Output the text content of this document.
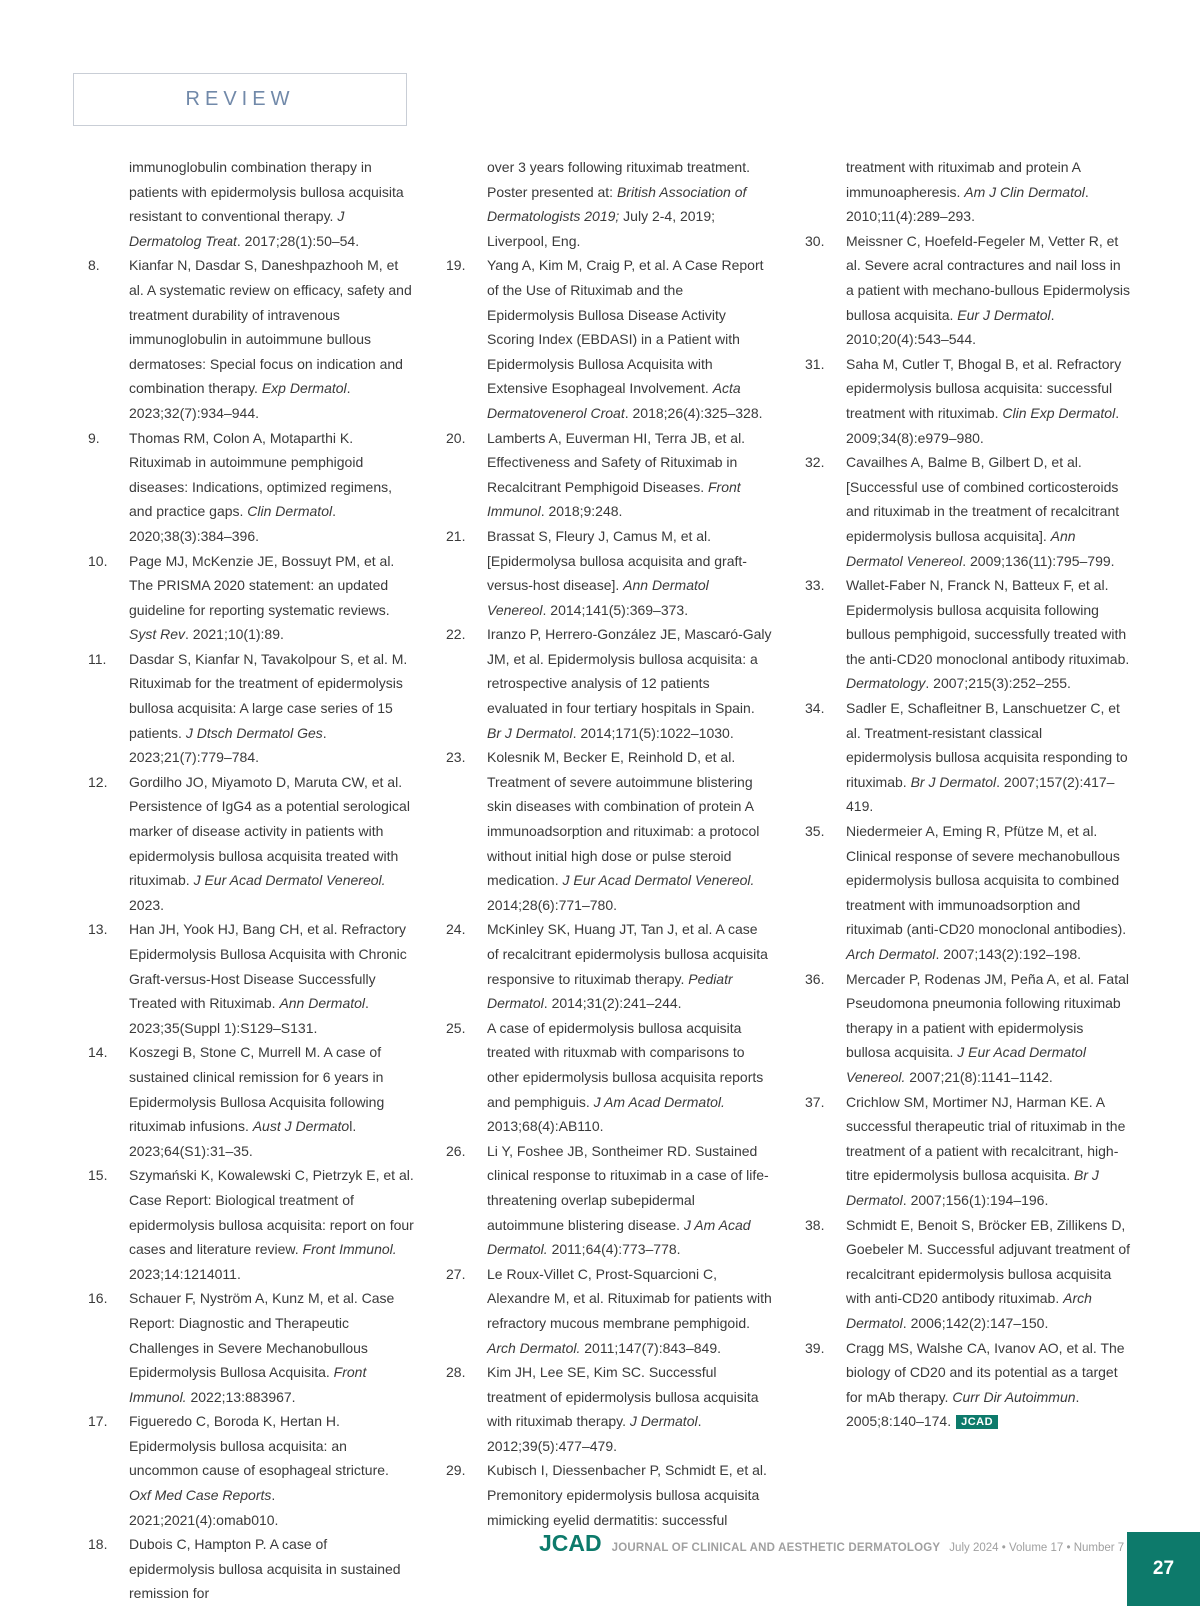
REVIEW
immunoglobulin combination therapy in patients with epidermolysis bullosa acquisita resistant to conventional therapy. J Dermatolog Treat. 2017;28(1):50–54.
8. Kianfar N, Dasdar S, Daneshpazhooh M, et al. A systematic review on efficacy, safety and treatment durability of intravenous immunoglobulin in autoimmune bullous dermatoses: Special focus on indication and combination therapy. Exp Dermatol. 2023;32(7):934–944.
9. Thomas RM, Colon A, Motaparthi K. Rituximab in autoimmune pemphigoid diseases: Indications, optimized regimens, and practice gaps. Clin Dermatol. 2020;38(3):384–396.
10. Page MJ, McKenzie JE, Bossuyt PM, et al. The PRISMA 2020 statement: an updated guideline for reporting systematic reviews. Syst Rev. 2021;10(1):89.
11. Dasdar S, Kianfar N, Tavakolpour S, et al. M. Rituximab for the treatment of epidermolysis bullosa acquisita: A large case series of 15 patients. J Dtsch Dermatol Ges. 2023;21(7):779–784.
12. Gordilho JO, Miyamoto D, Maruta CW, et al. Persistence of IgG4 as a potential serological marker of disease activity in patients with epidermolysis bullosa acquisita treated with rituximab. J Eur Acad Dermatol Venereol. 2023.
13. Han JH, Yook HJ, Bang CH, et al. Refractory Epidermolysis Bullosa Acquisita with Chronic Graft-versus-Host Disease Successfully Treated with Rituximab. Ann Dermatol. 2023;35(Suppl 1):S129–S131.
14. Koszegi B, Stone C, Murrell M. A case of sustained clinical remission for 6 years in Epidermolysis Bullosa Acquisita following rituximab infusions. Aust J Dermatol. 2023;64(S1):31–35.
15. Szymański K, Kowalewski C, Pietrzyk E, et al. Case Report: Biological treatment of epidermolysis bullosa acquisita: report on four cases and literature review. Front Immunol. 2023;14:1214011.
16. Schauer F, Nyström A, Kunz M, et al. Case Report: Diagnostic and Therapeutic Challenges in Severe Mechanobullous Epidermolysis Bullosa Acquisita. Front Immunol. 2022;13:883967.
17. Figueredo C, Boroda K, Hertan H. Epidermolysis bullosa acquisita: an uncommon cause of esophageal stricture. Oxf Med Case Reports. 2021;2021(4):omab010.
18. Dubois C, Hampton P. A case of epidermolysis bullosa acquisita in sustained remission for
over 3 years following rituximab treatment. Poster presented at: British Association of Dermatologists 2019; July 2-4, 2019; Liverpool, Eng.
19. Yang A, Kim M, Craig P, et al. A Case Report of the Use of Rituximab and the Epidermolysis Bullosa Disease Activity Scoring Index (EBDASI) in a Patient with Epidermolysis Bullosa Acquisita with Extensive Esophageal Involvement. Acta Dermatovenerol Croat. 2018;26(4):325–328.
20. Lamberts A, Euverman HI, Terra JB, et al. Effectiveness and Safety of Rituximab in Recalcitrant Pemphigoid Diseases. Front Immunol. 2018;9:248.
21. Brassat S, Fleury J, Camus M, et al. [Epidermolysa bullosa acquisita and graft-versus-host disease]. Ann Dermatol Venereol. 2014;141(5):369–373.
22. Iranzo P, Herrero-González JE, Mascaró-Galy JM, et al. Epidermolysis bullosa acquisita: a retrospective analysis of 12 patients evaluated in four tertiary hospitals in Spain. Br J Dermatol. 2014;171(5):1022–1030.
23. Kolesnik M, Becker E, Reinhold D, et al. Treatment of severe autoimmune blistering skin diseases with combination of protein A immunoadsorption and rituximab: a protocol without initial high dose or pulse steroid medication. J Eur Acad Dermatol Venereol. 2014;28(6):771–780.
24. McKinley SK, Huang JT, Tan J, et al. A case of recalcitrant epidermolysis bullosa acquisita responsive to rituximab therapy. Pediatr Dermatol. 2014;31(2):241–244.
25. A case of epidermolysis bullosa acquisita treated with rituxmab with comparisons to other epidermolysis bullosa acquisita reports and pemphiguis. J Am Acad Dermatol. 2013;68(4):AB110.
26. Li Y, Foshee JB, Sontheimer RD. Sustained clinical response to rituximab in a case of life-threatening overlap subepidermal autoimmune blistering disease. J Am Acad Dermatol. 2011;64(4):773–778.
27. Le Roux-Villet C, Prost-Squarcioni C, Alexandre M, et al. Rituximab for patients with refractory mucous membrane pemphigoid. Arch Dermatol. 2011;147(7):843–849.
28. Kim JH, Lee SE, Kim SC. Successful treatment of epidermolysis bullosa acquisita with rituximab therapy. J Dermatol. 2012;39(5):477–479.
29. Kubisch I, Diessenbacher P, Schmidt E, et al. Premonitory epidermolysis bullosa acquisita mimicking eyelid dermatitis: successful
treatment with rituximab and protein A immunoapheresis. Am J Clin Dermatol. 2010;11(4):289–293.
30. Meissner C, Hoefeld-Fegeler M, Vetter R, et al. Severe acral contractures and nail loss in a patient with mechano-bullous Epidermolysis bullosa acquisita. Eur J Dermatol. 2010;20(4):543–544.
31. Saha M, Cutler T, Bhogal B, et al. Refractory epidermolysis bullosa acquisita: successful treatment with rituximab. Clin Exp Dermatol. 2009;34(8):e979–980.
32. Cavailhes A, Balme B, Gilbert D, et al. [Successful use of combined corticosteroids and rituximab in the treatment of recalcitrant epidermolysis bullosa acquisita]. Ann Dermatol Venereol. 2009;136(11):795–799.
33. Wallet-Faber N, Franck N, Batteux F, et al. Epidermolysis bullosa acquisita following bullous pemphigoid, successfully treated with the anti-CD20 monoclonal antibody rituximab. Dermatology. 2007;215(3):252–255.
34. Sadler E, Schafleitner B, Lanschuetzer C, et al. Treatment-resistant classical epidermolysis bullosa acquisita responding to rituximab. Br J Dermatol. 2007;157(2):417–419.
35. Niedermeier A, Eming R, Pfütze M, et al. Clinical response of severe mechanobullous epidermolysis bullosa acquisita to combined treatment with immunoadsorption and rituximab (anti-CD20 monoclonal antibodies). Arch Dermatol. 2007;143(2):192–198.
36. Mercader P, Rodenas JM, Peña A, et al. Fatal Pseudomona pneumonia following rituximab therapy in a patient with epidermolysis bullosa acquisita. J Eur Acad Dermatol Venereol. 2007;21(8):1141–1142.
37. Crichlow SM, Mortimer NJ, Harman KE. A successful therapeutic trial of rituximab in the treatment of a patient with recalcitrant, high-titre epidermolysis bullosa acquisita. Br J Dermatol. 2007;156(1):194–196.
38. Schmidt E, Benoit S, Bröcker EB, Zillikens D, Goebeler M. Successful adjuvant treatment of recalcitrant epidermolysis bullosa acquisita with anti-CD20 antibody rituximab. Arch Dermatol. 2006;142(2):147–150.
39. Cragg MS, Walshe CA, Ivanov AO, et al. The biology of CD20 and its potential as a target for mAb therapy. Curr Dir Autoimmun. 2005;8:140–174. JCAD
JCAD JOURNAL OF CLINICAL AND AESTHETIC DERMATOLOGY July 2024 • Volume 17 • Number 7
27
